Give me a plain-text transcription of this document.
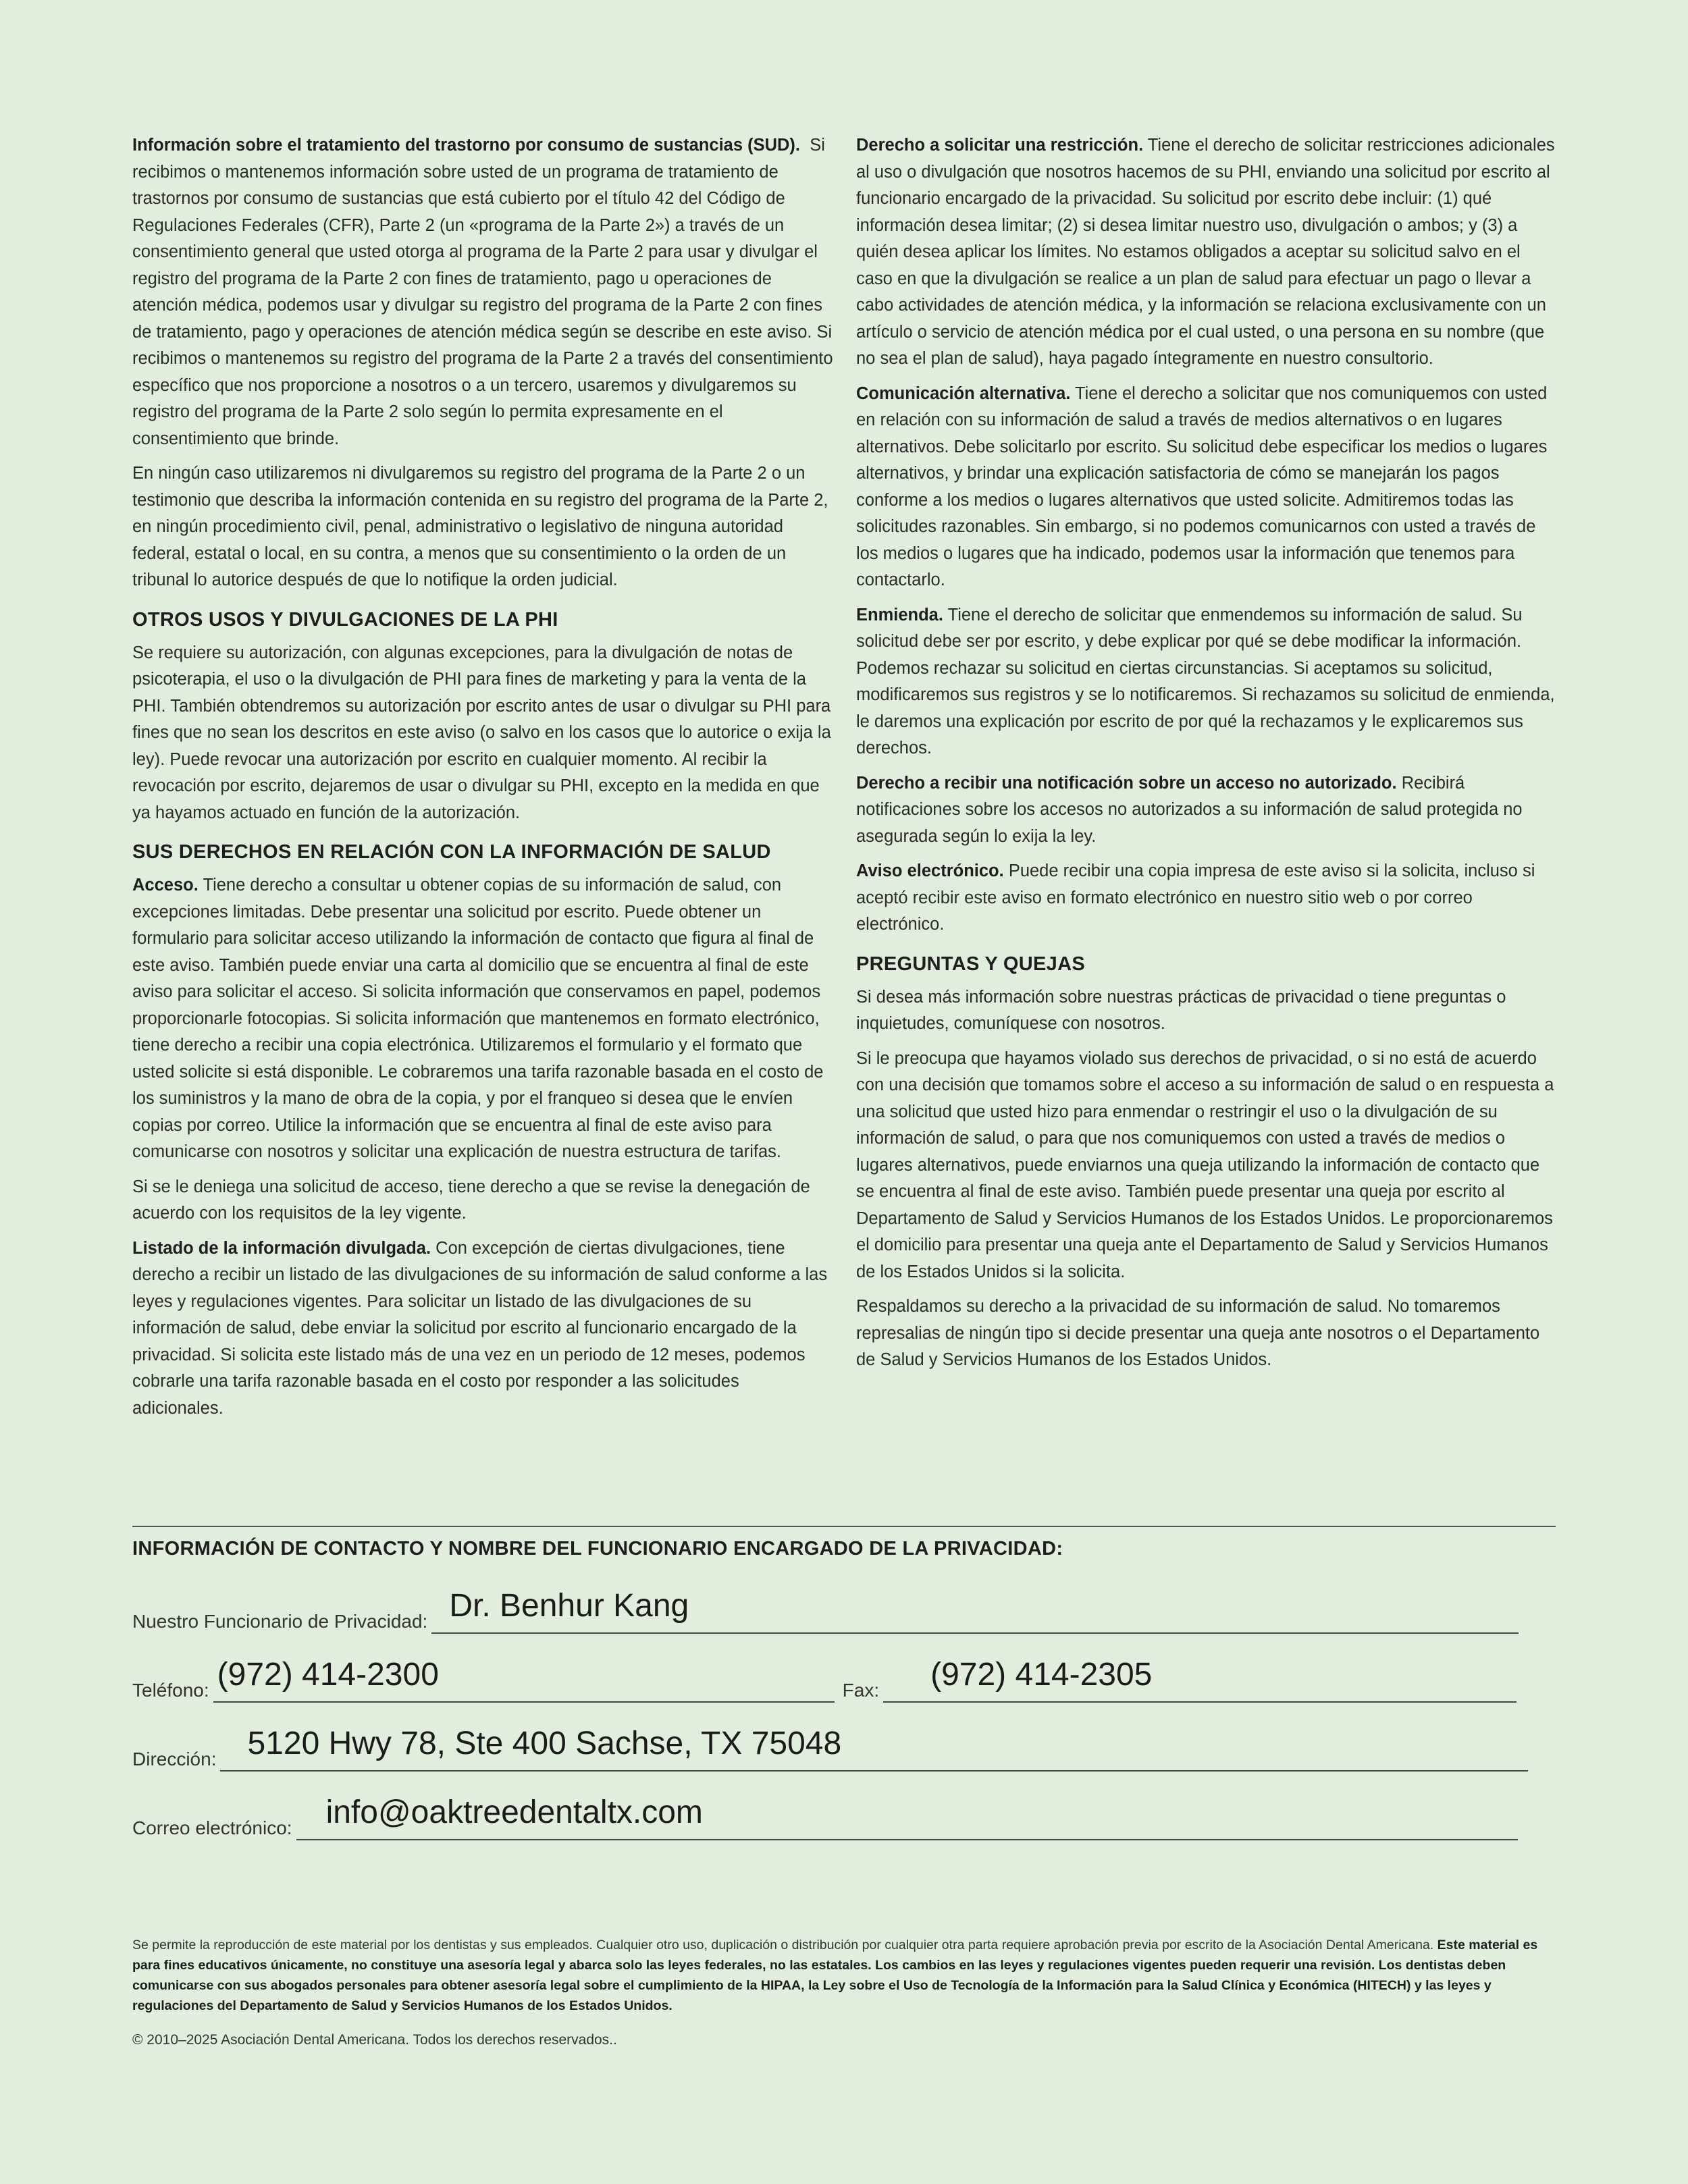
Información sobre el tratamiento del trastorno por consumo de sustancias (SUD). Si recibimos o mantenemos información sobre usted de un programa de tratamiento de trastornos por consumo de sustancias que está cubierto por el título 42 del Código de Regulaciones Federales (CFR), Parte 2 (un «programa de la Parte 2») a través de un consentimiento general que usted otorga al programa de la Parte 2 para usar y divulgar el registro del programa de la Parte 2 con fines de tratamiento, pago u operaciones de atención médica, podemos usar y divulgar su registro del programa de la Parte 2 con fines de tratamiento, pago y operaciones de atención médica según se describe en este aviso. Si recibimos o mantenemos su registro del programa de la Parte 2 a través del consentimiento específico que nos proporcione a nosotros o a un tercero, usaremos y divulgaremos su registro del programa de la Parte 2 solo según lo permita expresamente en el consentimiento que brinde.

En ningún caso utilizaremos ni divulgaremos su registro del programa de la Parte 2 o un testimonio que describa la información contenida en su registro del programa de la Parte 2, en ningún procedimiento civil, penal, administrativo o legislativo de ninguna autoridad federal, estatal o local, en su contra, a menos que su consentimiento o la orden de un tribunal lo autorice después de que lo notifique la orden judicial.

OTROS USOS Y DIVULGACIONES DE LA PHI

Se requiere su autorización, con algunas excepciones, para la divulgación de notas de psicoterapia, el uso o la divulgación de PHI para fines de marketing y para la venta de la PHI. También obtendremos su autorización por escrito antes de usar o divulgar su PHI para fines que no sean los descritos en este aviso (o salvo en los casos que lo autorice o exija la ley). Puede revocar una autorización por escrito en cualquier momento. Al recibir la revocación por escrito, dejaremos de usar o divulgar su PHI, excepto en la medida en que ya hayamos actuado en función de la autorización.

SUS DERECHOS EN RELACIÓN CON LA INFORMACIÓN DE SALUD

Acceso. Tiene derecho a consultar u obtener copias de su información de salud, con excepciones limitadas. Debe presentar una solicitud por escrito. Puede obtener un formulario para solicitar acceso utilizando la información de contacto que figura al final de este aviso. También puede enviar una carta al domicilio que se encuentra al final de este aviso para solicitar el acceso. Si solicita información que conservamos en papel, podemos proporcionarle fotocopias. Si solicita información que mantenemos en formato electrónico, tiene derecho a recibir una copia electrónica. Utilizaremos el formulario y el formato que usted solicite si está disponible. Le cobraremos una tarifa razonable basada en el costo de los suministros y la mano de obra de la copia, y por el franqueo si desea que le envíen copias por correo. Utilice la información que se encuentra al final de este aviso para comunicarse con nosotros y solicitar una explicación de nuestra estructura de tarifas.

Si se le deniega una solicitud de acceso, tiene derecho a que se revise la denegación de acuerdo con los requisitos de la ley vigente.

Listado de la información divulgada. Con excepción de ciertas divulgaciones, tiene derecho a recibir un listado de las divulgaciones de su información de salud conforme a las leyes y regulaciones vigentes. Para solicitar un listado de las divulgaciones de su información de salud, debe enviar la solicitud por escrito al funcionario encargado de la privacidad. Si solicita este listado más de una vez en un periodo de 12 meses, podemos cobrarle una tarifa razonable basada en el costo por responder a las solicitudes adicionales.

Derecho a solicitar una restricción. Tiene el derecho de solicitar restricciones adicionales al uso o divulgación que nosotros hacemos de su PHI, enviando una solicitud por escrito al funcionario encargado de la privacidad. Su solicitud por escrito debe incluir: (1) qué información desea limitar; (2) si desea limitar nuestro uso, divulgación o ambos; y (3) a quién desea aplicar los límites. No estamos obligados a aceptar su solicitud salvo en el caso en que la divulgación se realice a un plan de salud para efectuar un pago o llevar a cabo actividades de atención médica, y la información se relaciona exclusivamente con un artículo o servicio de atención médica por el cual usted, o una persona en su nombre (que no sea el plan de salud), haya pagado íntegramente en nuestro consultorio.

Comunicación alternativa. Tiene el derecho a solicitar que nos comuniquemos con usted en relación con su información de salud a través de medios alternativos o en lugares alternativos. Debe solicitarlo por escrito. Su solicitud debe especificar los medios o lugares alternativos, y brindar una explicación satisfactoria de cómo se manejarán los pagos conforme a los medios o lugares alternativos que usted solicite. Admitiremos todas las solicitudes razonables. Sin embargo, si no podemos comunicarnos con usted a través de los medios o lugares que ha indicado, podemos usar la información que tenemos para contactarlo.

Enmienda. Tiene el derecho de solicitar que enmendemos su información de salud. Su solicitud debe ser por escrito, y debe explicar por qué se debe modificar la información. Podemos rechazar su solicitud en ciertas circunstancias. Si aceptamos su solicitud, modificaremos sus registros y se lo notificaremos. Si rechazamos su solicitud de enmienda, le daremos una explicación por escrito de por qué la rechazamos y le explicaremos sus derechos.

Derecho a recibir una notificación sobre un acceso no autorizado. Recibirá notificaciones sobre los accesos no autorizados a su información de salud protegida no asegurada según lo exija la ley.

Aviso electrónico. Puede recibir una copia impresa de este aviso si la solicita, incluso si aceptó recibir este aviso en formato electrónico en nuestro sitio web o por correo electrónico.

PREGUNTAS Y QUEJAS

Si desea más información sobre nuestras prácticas de privacidad o tiene preguntas o inquietudes, comuníquese con nosotros.

Si le preocupa que hayamos violado sus derechos de privacidad, o si no está de acuerdo con una decisión que tomamos sobre el acceso a su información de salud o en respuesta a una solicitud que usted hizo para enmendar o restringir el uso o la divulgación de su información de salud, o para que nos comuniquemos con usted a través de medios o lugares alternativos, puede enviarnos una queja utilizando la información de contacto que se encuentra al final de este aviso. También puede presentar una queja por escrito al Departamento de Salud y Servicios Humanos de los Estados Unidos. Le proporcionaremos el domicilio para presentar una queja ante el Departamento de Salud y Servicios Humanos de los Estados Unidos si la solicita.

Respaldamos su derecho a la privacidad de su información de salud. No tomaremos represalias de ningún tipo si decide presentar una queja ante nosotros o el Departamento de Salud y Servicios Humanos de los Estados Unidos.

INFORMACIÓN DE CONTACTO Y NOMBRE DEL FUNCIONARIO ENCARGADO DE LA PRIVACIDAD:
Nuestro Funcionario de Privacidad: Dr. Benhur Kang
Teléfono: (972) 414-2300	Fax: (972) 414-2305
Dirección: 5120 Hwy 78, Ste 400 Sachse, TX 75048
Correo electrónico: info@oaktreedentaltx.com
Se permite la reproducción de este material por los dentistas y sus empleados. Cualquier otro uso, duplicación o distribución por cualquier otra parta requiere aprobación previa por escrito de la Asociación Dental Americana. Este material es para fines educativos únicamente, no constituye una asesoría legal y abarca solo las leyes federales, no las estatales. Los cambios en las leyes y regulaciones vigentes pueden requerir una revisión. Los dentistas deben comunicarse con sus abogados personales para obtener asesoría legal sobre el cumplimiento de la HIPAA, la Ley sobre el Uso de Tecnología de la Información para la Salud Clínica y Económica (HITECH) y las leyes y regulaciones del Departamento de Salud y Servicios Humanos de los Estados Unidos.
© 2010–2025 Asociación Dental Americana. Todos los derechos reservados..
